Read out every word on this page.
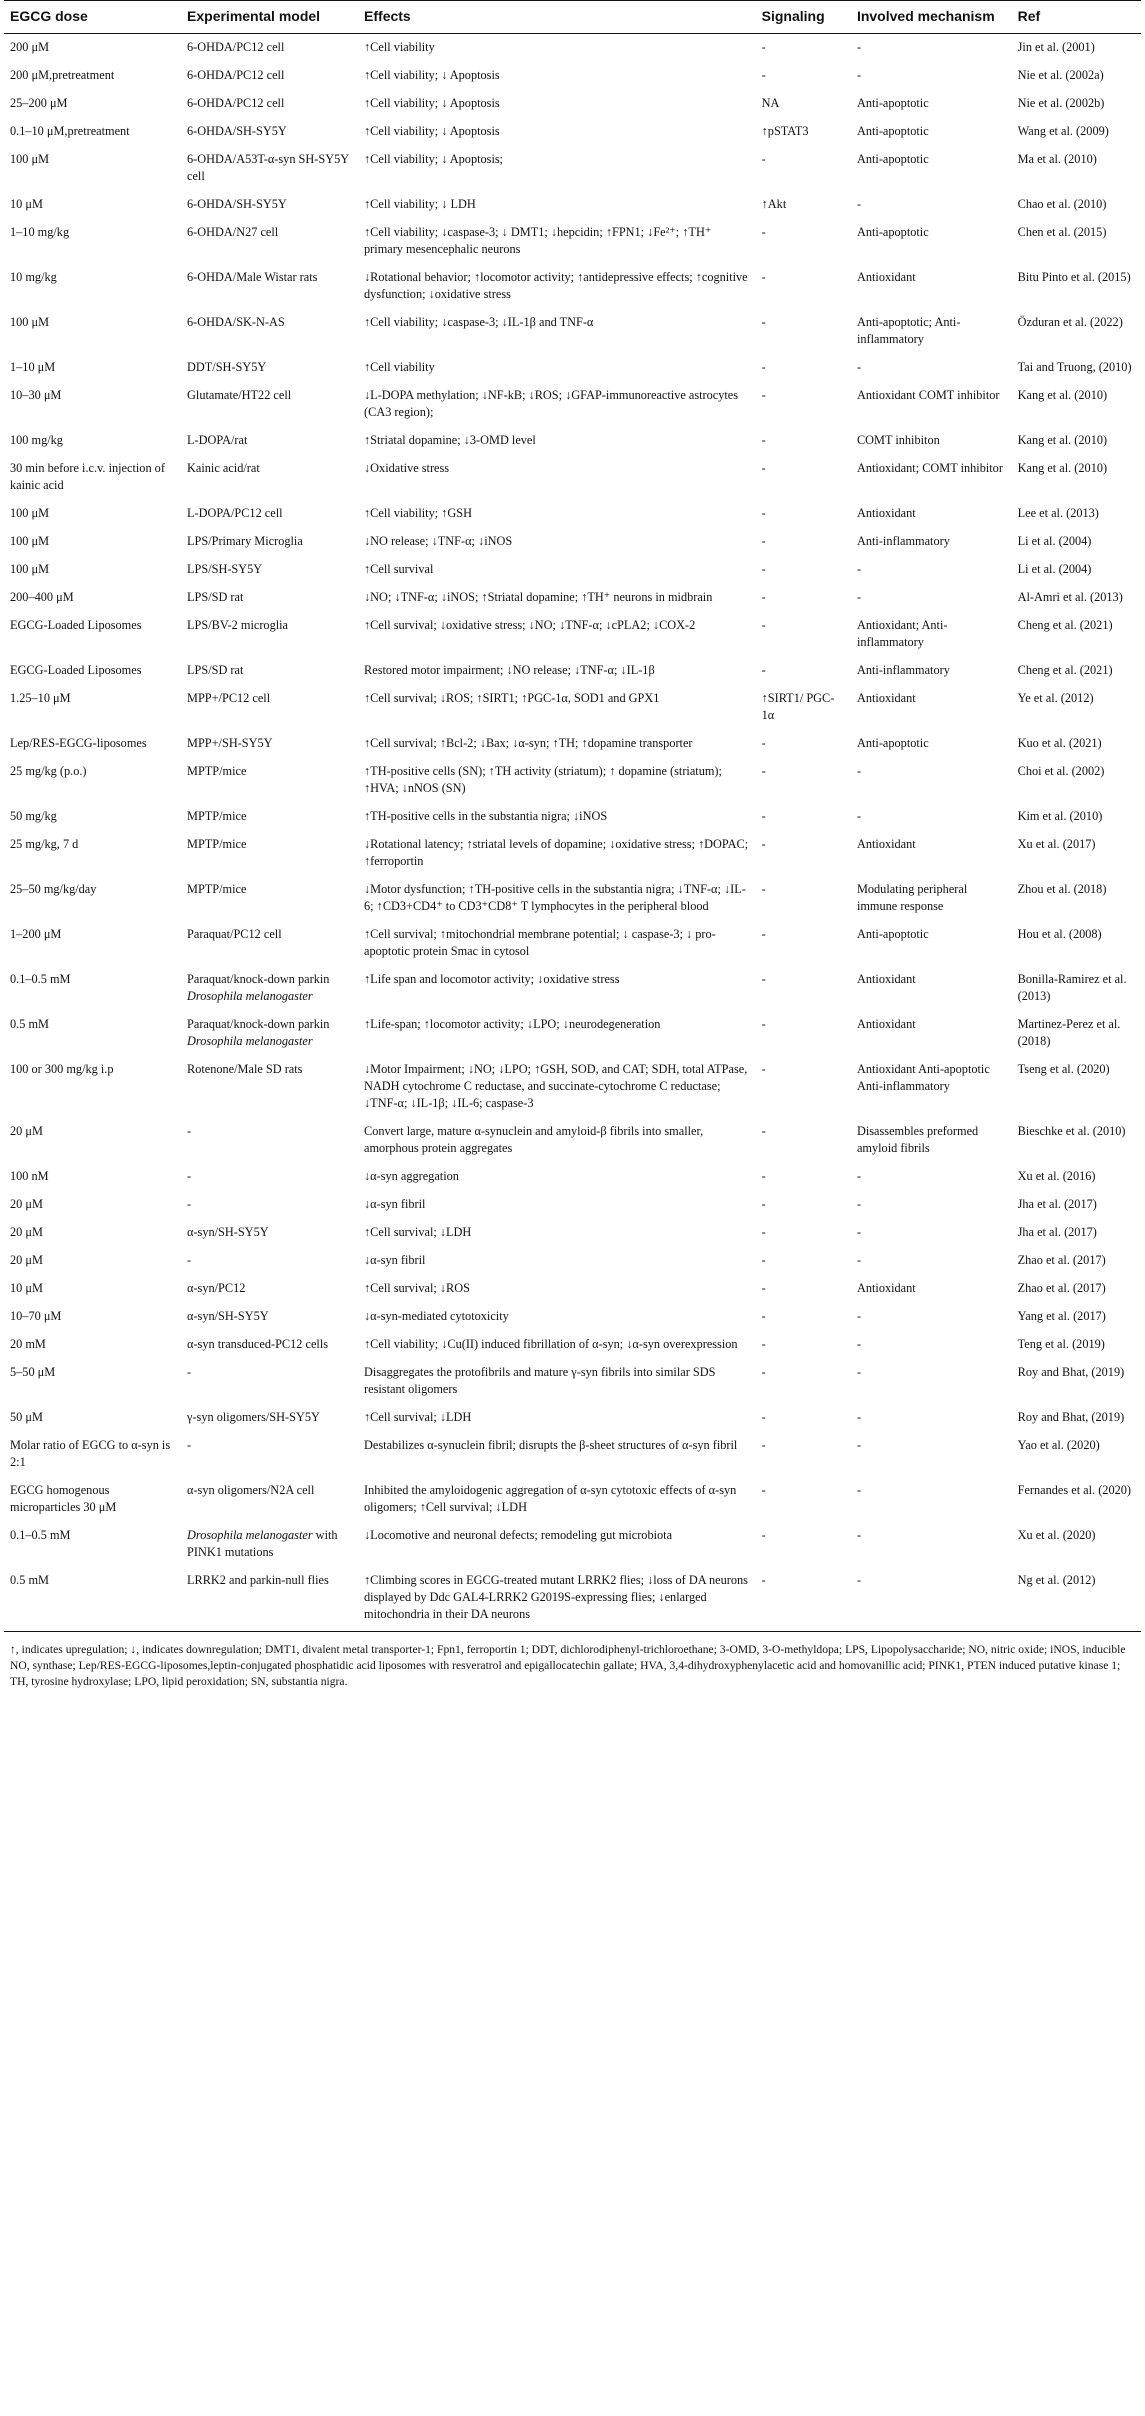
EGCG dose	Experimental model	Effects	Signaling	Involved mechanism	Ref
200 μM	6-OHDA/PC12 cell	↑Cell viability	-	-	Jin et al. (2001)
200 μM,pretreatment	6-OHDA/PC12 cell	↑Cell viability; ↓ Apoptosis	-	-	Nie et al. (2002a)
25–200 μM	6-OHDA/PC12 cell	↑Cell viability; ↓ Apoptosis	NA	Anti-apoptotic	Nie et al. (2002b)
0.1–10 μM,pretreatment	6-OHDA/SH-SY5Y	↑Cell viability; ↓ Apoptosis	↑pSTAT3	Anti-apoptotic	Wang et al. (2009)
100 μM	6-OHDA/A53T-α-syn SH-SY5Y cell	↑Cell viability; ↓ Apoptosis;	-	Anti-apoptotic	Ma et al. (2010)
10 μM	6-OHDA/SH-SY5Y	↑Cell viability; ↓ LDH	↑Akt	-	Chao et al. (2010)
1–10 mg/kg	6-OHDA/N27 cell	↑Cell viability; ↓caspase-3; ↓ DMT1; ↓hepcidin; ↑FPN1; ↓Fe²⁺; ↑TH⁺ primary mesencephalic neurons	-	Anti-apoptotic	Chen et al. (2015)
10 mg/kg	6-OHDA/Male Wistar rats	↓Rotational behavior; ↑locomotor activity; ↑antidepressive effects; ↑cognitive dysfunction; ↓oxidative stress	-	Antioxidant	Bitu Pinto et al. (2015)
100 μM	6-OHDA/SK-N-AS	↑Cell viability; ↓caspase-3; ↓IL-1β and TNF-α	-	Anti-apoptotic; Anti-inflammatory	Özduran et al. (2022)
1–10 μM	DDT/SH-SY5Y	↑Cell viability	-	-	Tai and Truong, (2010)
10–30 μM	Glutamate/HT22 cell	↓L-DOPA methylation; ↓NF-kB; ↓ROS; ↓GFAP-immunoreactive astrocytes (CA3 region);	-	Antioxidant COMT inhibitor	Kang et al. (2010)
100 mg/kg	L-DOPA/rat	↑Striatal dopamine; ↓3-OMD level	-	COMT inhibiton	Kang et al. (2010)
30 min before i.c.v. injection of kainic acid	Kainic acid/rat	↓Oxidative stress	-	Antioxidant; COMT inhibitor	Kang et al. (2010)
100 μM	L-DOPA/PC12 cell	↑Cell viability; ↑GSH	-	Antioxidant	Lee et al. (2013)
100 μM	LPS/Primary Microglia	↓NO release; ↓TNF-α; ↓iNOS	-	Anti-inflammatory	Li et al. (2004)
100 μM	LPS/SH-SY5Y	↑Cell survival	-	-	Li et al. (2004)
200–400 μM	LPS/SD rat	↓NO; ↓TNF-α; ↓iNOS; ↑Striatal dopamine; ↑TH⁺ neurons in midbrain	-	-	Al-Amri et al. (2013)
EGCG-Loaded Liposomes	LPS/BV-2 microglia	↑Cell survival; ↓oxidative stress; ↓NO; ↓TNF-α; ↓cPLA2; ↓COX-2	-	Antioxidant; Anti-inflammatory	Cheng et al. (2021)
EGCG-Loaded Liposomes	LPS/SD rat	Restored motor impairment; ↓NO release; ↓TNF-α; ↓IL-1β	-	Anti-inflammatory	Cheng et al. (2021)
1.25–10 μM	MPP+/PC12 cell	↑Cell survival; ↓ROS; ↑SIRT1; ↑PGC-1α, SOD1 and GPX1	↑SIRT1/ PGC-1α	Antioxidant	Ye et al. (2012)
Lep/RES-EGCG-liposomes	MPP+/SH-SY5Y	↑Cell survival; ↑Bcl-2; ↓Bax; ↓α-syn; ↑TH; ↑dopamine transporter	-	Anti-apoptotic	Kuo et al. (2021)
25 mg/kg (p.o.)	MPTP/mice	↑TH-positive cells (SN); ↑TH activity (striatum); ↑ dopamine (striatum); ↑HVA; ↓nNOS (SN)	-	-	Choi et al. (2002)
50 mg/kg	MPTP/mice	↑TH-positive cells in the substantia nigra; ↓iNOS	-	-	Kim et al. (2010)
25 mg/kg, 7 d	MPTP/mice	↓Rotational latency; ↑striatal levels of dopamine; ↓oxidative stress; ↑DOPAC; ↑ferroportin	-	Antioxidant	Xu et al. (2017)
25–50 mg/kg/day	MPTP/mice	↓Motor dysfunction; ↑TH-positive cells in the substantia nigra; ↓TNF-α; ↓IL-6; ↑CD3+CD4⁺ to CD3⁺CD8⁺ T lymphocytes in the peripheral blood	-	Modulating peripheral immune response	Zhou et al. (2018)
1–200 μM	Paraquat/PC12 cell	↑Cell survival; ↑mitochondrial membrane potential; ↓ caspase-3; ↓ pro-apoptotic protein Smac in cytosol	-	Anti-apoptotic	Hou et al. (2008)
0.1–0.5 mM	Paraquat/knock-down parkin Drosophila melanogaster	↑Life span and locomotor activity; ↓oxidative stress	-	Antioxidant	Bonilla-Ramirez et al. (2013)
0.5 mM	Paraquat/knock-down parkin Drosophila melanogaster	↑Life-span; ↑locomotor activity; ↓LPO; ↓neurodegeneration	-	Antioxidant	Martinez-Perez et al. (2018)
100 or 300 mg/kg i.p	Rotenone/Male SD rats	↓Motor Impairment; ↓NO; ↓LPO; ↑GSH, SOD, and CAT; SDH, total ATPase, NADH cytochrome C reductase, and succinate-cytochrome C reductase; ↓TNF-α; ↓IL-1β; ↓IL-6; caspase-3	-	Antioxidant Anti-apoptotic Anti-inflammatory	Tseng et al. (2020)
20 μM	-	Convert large, mature α-synuclein and amyloid-β fibrils into smaller, amorphous protein aggregates	-	Disassembles preformed amyloid fibrils	Bieschke et al. (2010)
100 nM	-	↓α-syn aggregation	-	-	Xu et al. (2016)
20 μM	-	↓α-syn fibril	-	-	Jha et al. (2017)
20 μM	α-syn/SH-SY5Y	↑Cell survival; ↓LDH	-	-	Jha et al. (2017)
20 μM	-	↓α-syn fibril	-	-	Zhao et al. (2017)
10 μM	α-syn/PC12	↑Cell survival; ↓ROS	-	Antioxidant	Zhao et al. (2017)
10–70 μM	α-syn/SH-SY5Y	↓α-syn-mediated cytotoxicity	-	-	Yang et al. (2017)
20 mM	α-syn transduced-PC12 cells	↑Cell viability; ↓Cu(II) induced fibrillation of α-syn; ↓α-syn overexpression	-	-	Teng et al. (2019)
5–50 μM	-	Disaggregates the protofibrils and mature γ-syn fibrils into similar SDS resistant oligomers	-	-	Roy and Bhat, (2019)
50 μM	γ-syn oligomers/SH-SY5Y	↑Cell survival; ↓LDH	-	-	Roy and Bhat, (2019)
Molar ratio of EGCG to α-syn is 2:1	-	Destabilizes α-synuclein fibril; disrupts the β-sheet structures of α-syn fibril	-	-	Yao et al. (2020)
EGCG homogenous microparticles 30 μM	α-syn oligomers/N2A cell	Inhibited the amyloidogenic aggregation of α-syn cytotoxic effects of α-syn oligomers; ↑Cell survival; ↓LDH	-	-	Fernandes et al. (2020)
0.1–0.5 mM	Drosophila melanogaster with PINK1 mutations	↓Locomotive and neuronal defects; remodeling gut microbiota	-	-	Xu et al. (2020)
0.5 mM	LRRK2 and parkin-null flies	↑Climbing scores in EGCG-treated mutant LRRK2 flies; ↓loss of DA neurons displayed by Ddc GAL4-LRRK2 G2019S-expressing flies; ↓enlarged mitochondria in their DA neurons	-	-	Ng et al. (2012)
↑, indicates upregulation; ↓, indicates downregulation; DMT1, divalent metal transporter-1; Fpn1, ferroportin 1; DDT, dichlorodiphenyl-trichloroethane; 3-OMD, 3-O-methyldopa; LPS, Lipopolysaccharide; NO, nitric oxide; iNOS, inducible NO, synthase; Lep/RES-EGCG-liposomes,leptin-conjugated phosphatidic acid liposomes with resveratrol and epigallocatechin gallate; HVA, 3,4-dihydroxyphenylacetic acid and homovanillic acid; PINK1, PTEN induced putative kinase 1; TH, tyrosine hydroxylase; LPO, lipid peroxidation; SN, substantia nigra.
